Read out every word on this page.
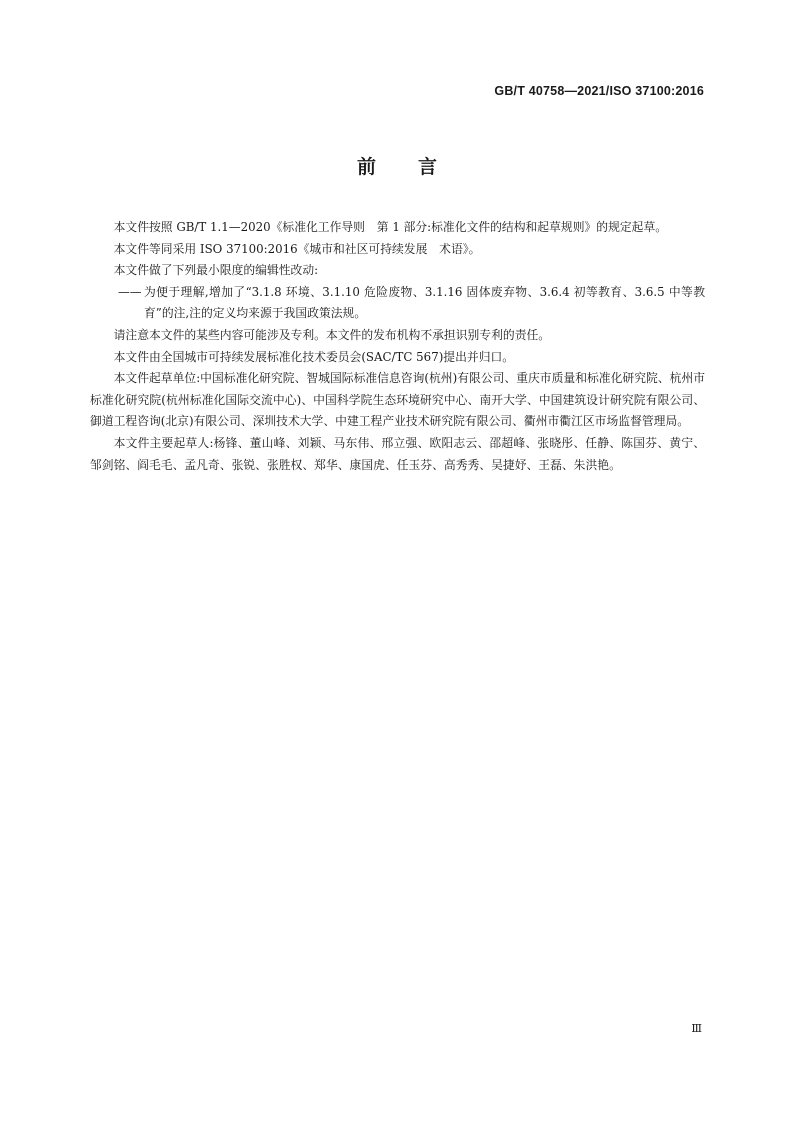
GB/T 40758—2021/ISO 37100:2016
前 言

本文件按照 GB/T 1.1—2020《标准化工作导则　第 1 部分:标准化文件的结构和起草规则》的规定起草。

本文件等同采用 ISO 37100:2016《城市和社区可持续发展　术语》。

本文件做了下列最小限度的编辑性改动:

—— 为便于理解,增加了“3.1.8 环境、3.1.10 危险废物、3.1.16 固体废弃物、3.6.4 初等教育、3.6.5 中等教育”的注,注的定义均来源于我国政策法规。

请注意本文件的某些内容可能涉及专利。本文件的发布机构不承担识别专利的责任。

本文件由全国城市可持续发展标准化技术委员会(SAC/TC 567)提出并归口。

本文件起草单位:中国标准化研究院、智城国际标准信息咨询(杭州)有限公司、重庆市质量和标准化研究院、杭州市标准化研究院(杭州标准化国际交流中心)、中国科学院生态环境研究中心、南开大学、中国建筑设计研究院有限公司、御道工程咨询(北京)有限公司、深圳技术大学、中建工程产业技术研究院有限公司、衢州市衢江区市场监督管理局。

本文件主要起草人:杨锋、董山峰、刘颖、马东伟、邢立强、欧阳志云、邵超峰、张晓彤、任静、陈国芬、黄宁、邹剑铭、阎毛毛、孟凡奇、张锐、张胜权、郑华、康国虎、任玉芬、高秀秀、吴捷妤、王磊、朱洪艳。

Ⅲ
